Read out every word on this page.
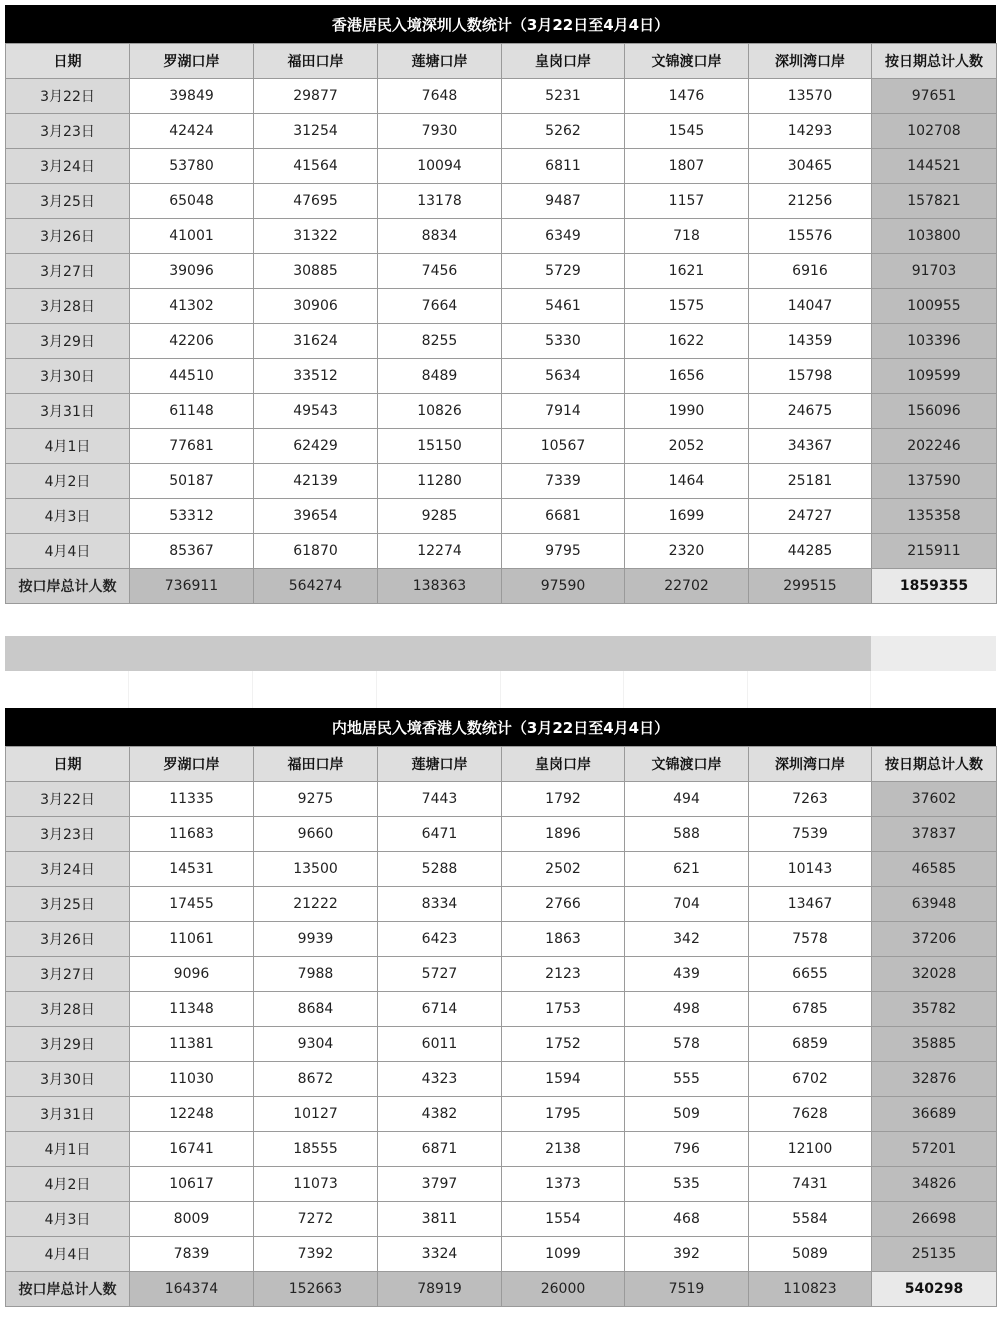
香港居民入境深圳人数统计（3月22日至4月4日）
日期	罗湖口岸	福田口岸	莲塘口岸	皇岗口岸	文锦渡口岸	深圳湾口岸	按日期总计人数
3月22日	39849	29877	7648	5231	1476	13570	97651
3月23日	42424	31254	7930	5262	1545	14293	102708
3月24日	53780	41564	10094	6811	1807	30465	144521
3月25日	65048	47695	13178	9487	1157	21256	157821
3月26日	41001	31322	8834	6349	718	15576	103800
3月27日	39096	30885	7456	5729	1621	6916	91703
3月28日	41302	30906	7664	5461	1575	14047	100955
3月29日	42206	31624	8255	5330	1622	14359	103396
3月30日	44510	33512	8489	5634	1656	15798	109599
3月31日	61148	49543	10826	7914	1990	24675	156096
4月1日	77681	62429	15150	10567	2052	34367	202246
4月2日	50187	42139	11280	7339	1464	25181	137590
4月3日	53312	39654	9285	6681	1699	24727	135358
4月4日	85367	61870	12274	9795	2320	44285	215911
按口岸总计人数	736911	564274	138363	97590	22702	299515	1859355
内地居民入境香港人数统计（3月22日至4月4日）
日期	罗湖口岸	福田口岸	莲塘口岸	皇岗口岸	文锦渡口岸	深圳湾口岸	按日期总计人数
3月22日	11335	9275	7443	1792	494	7263	37602
3月23日	11683	9660	6471	1896	588	7539	37837
3月24日	14531	13500	5288	2502	621	10143	46585
3月25日	17455	21222	8334	2766	704	13467	63948
3月26日	11061	9939	6423	1863	342	7578	37206
3月27日	9096	7988	5727	2123	439	6655	32028
3月28日	11348	8684	6714	1753	498	6785	35782
3月29日	11381	9304	6011	1752	578	6859	35885
3月30日	11030	8672	4323	1594	555	6702	32876
3月31日	12248	10127	4382	1795	509	7628	36689
4月1日	16741	18555	6871	2138	796	12100	57201
4月2日	10617	11073	3797	1373	535	7431	34826
4月3日	8009	7272	3811	1554	468	5584	26698
4月4日	7839	7392	3324	1099	392	5089	25135
按口岸总计人数	164374	152663	78919	26000	7519	110823	540298
